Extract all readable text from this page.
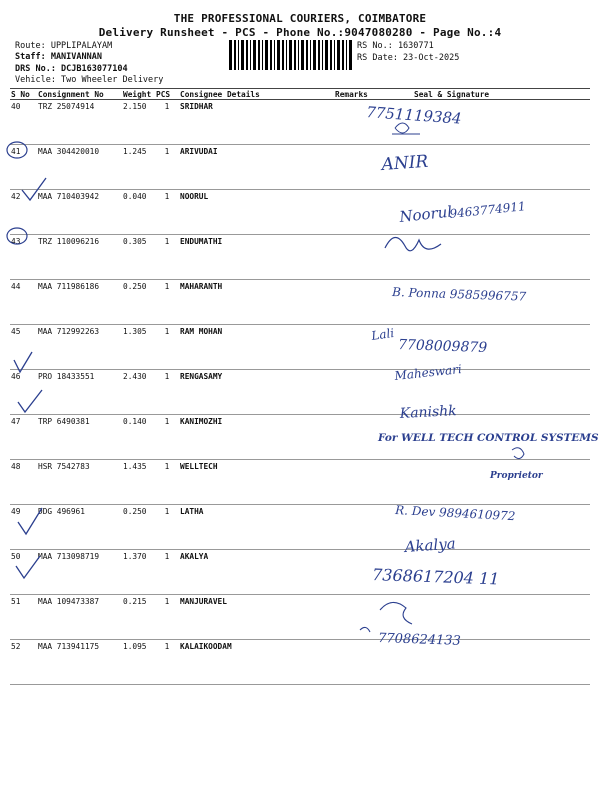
THE PROFESSIONAL COURIERS, COIMBATORE
Delivery Runsheet - PCS - Phone No.:9047080280 - Page No.:4
Route: UPPLIPALAYAM
Staff: MANIVANNAN
DRS No.: DCJB163077104
Vehicle: Two Wheeler Delivery
RS No.: 1630771
RS Date: 23-Oct-2025
S No	Consignment No	Weight	PCS	Consignee Details	Remarks	Seal & Signature
40	TRZ 25074914	2.150	1	SRIDHAR		
41	MAA 304420010	1.245	1	ARIVUDAI		
42	MAA 710403942	0.040	1	NOORUL		
43	TRZ 110096216	0.305	1	ENDUMATHI		
44	MAA 711986186	0.250	1	MAHARANTH		
45	MAA 712992263	1.305	1	RAM MOHAN		
46	PRO 18433551	2.430	1	RENGASAMY		
47	TRP 6490381	0.140	1	KANIMOZHI		
48	HSR 7542783	1.435	1	WELLTECH		
49	DDG 496961	0.250	1	LATHA		
50	MAA 713098719	1.370	1	AKALYA		
51	MAA 109473387	0.215	1	MANJURAVEL		
52	MAA 713941175	1.095	1	KALAIKOODAM		
7751119384
ANIR
Noorul
9463774911
B. Ponna 9585996757
Lali
7708009879
Maheswari
Kanishk
For WELL TECH CONTROL SYSTEMS
Proprietor
R. Dev 9894610972
Akalya
7368617204 11
7708624133
